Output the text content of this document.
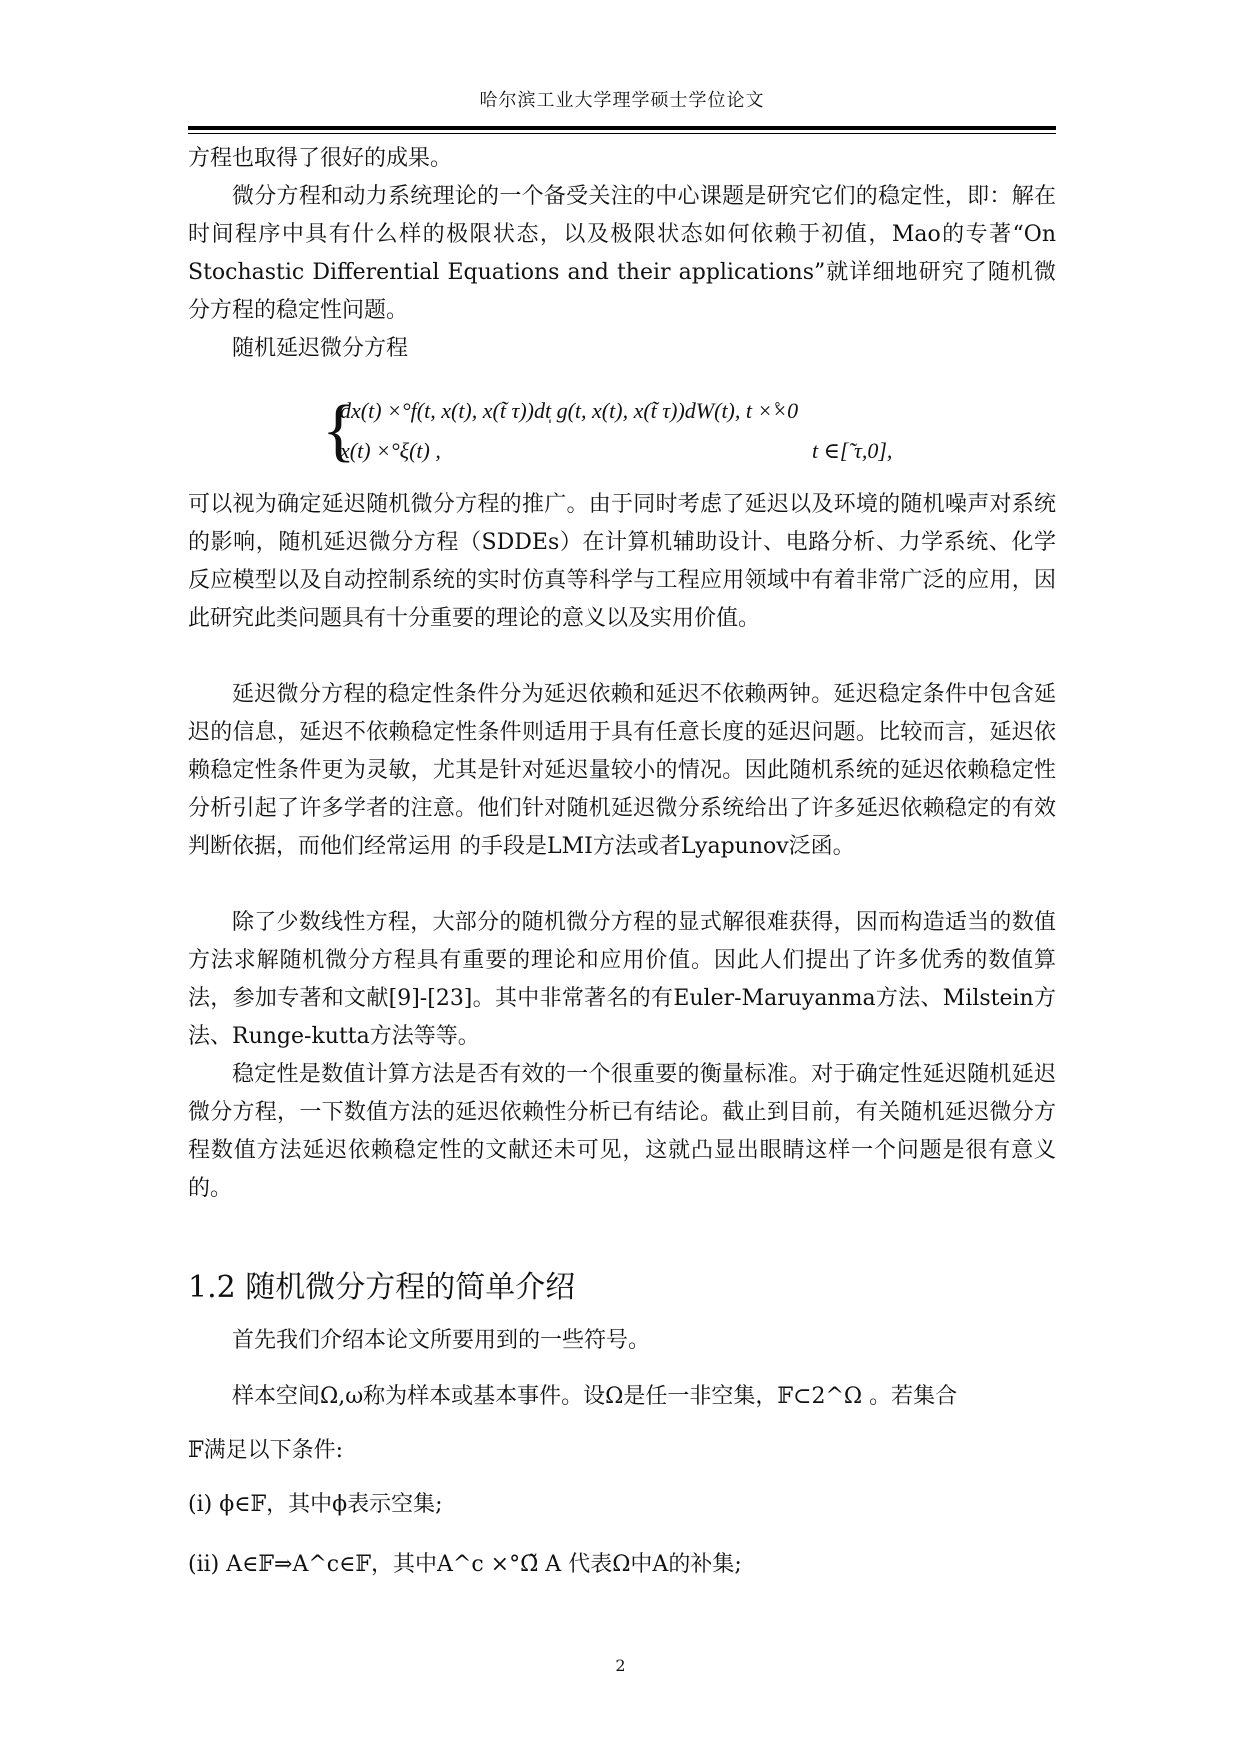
哈尔滨工业大学理学硕士学位论文

方程也取得了很好的成果。

微分方程和动力系统理论的一个备受关注的中心课题是研究它们的稳定性，即：解在时间程序中具有什么样的极限状态，以及极限状态如何依赖于初值，Mao的专著“On Stochastic Differential Equations and their applications”就详细地研究了随机微分方程的稳定性问题。

随机延迟微分方程

{
dx(t) ×°f(t, x(t), x(t̃ τ))dt̩ g(t, x(t), x(t̃ τ))dW(t), t ×̊×0
x(t) ×°ξ(t) ,	t ∈[̃ τ,0],

可以视为确定延迟随机微分方程的推广。由于同时考虑了延迟以及环境的随机噪声对系统的影响，随机延迟微分方程（SDDEs）在计算机辅助设计、电路分析、力学系统、化学反应模型以及自动控制系统的实时仿真等科学与工程应用领域中有着非常广泛的应用，因此研究此类问题具有十分重要的理论的意义以及实用价值。

延迟微分方程的稳定性条件分为延迟依赖和延迟不依赖两钟。延迟稳定条件中包含延迟的信息，延迟不依赖稳定性条件则适用于具有任意长度的延迟问题。比较而言，延迟依赖稳定性条件更为灵敏，尤其是针对延迟量较小的情况。因此随机系统的延迟依赖稳定性分析引起了许多学者的注意。他们针对随机延迟微分系统给出了许多延迟依赖稳定的有效判断依据，而他们经常运用 的手段是LMI方法或者Lyapunov泛函。

除了少数线性方程，大部分的随机微分方程的显式解很难获得，因而构造适当的数值方法求解随机微分方程具有重要的理论和应用价值。因此人们提出了许多优秀的数值算法，参加专著和文献[9]-[23]。其中非常著名的有Euler-Maruyanma方法、Milstein方法、Runge-kutta方法等等。

稳定性是数值计算方法是否有效的一个很重要的衡量标准。对于确定性延迟随机延迟微分方程，一下数值方法的延迟依赖性分析已有结论。截止到目前，有关随机延迟微分方程数值方法延迟依赖稳定性的文献还未可见，这就凸显出眼睛这样一个问题是很有意义的。

1.2 随机微分方程的简单介绍

首先我们介绍本论文所要用到的一些符号。

样本空间Ω,ω称为样本或基本事件。设Ω是任一非空集，𝔽⊂2^Ω 。若集合

𝔽满足以下条件:

(i) ϕ∈𝔽，其中ϕ表示空集;

(ii) A∈𝔽⇒A^c∈𝔽，其中A^c ×°Ω̃ A 代表Ω中A的补集;

2
